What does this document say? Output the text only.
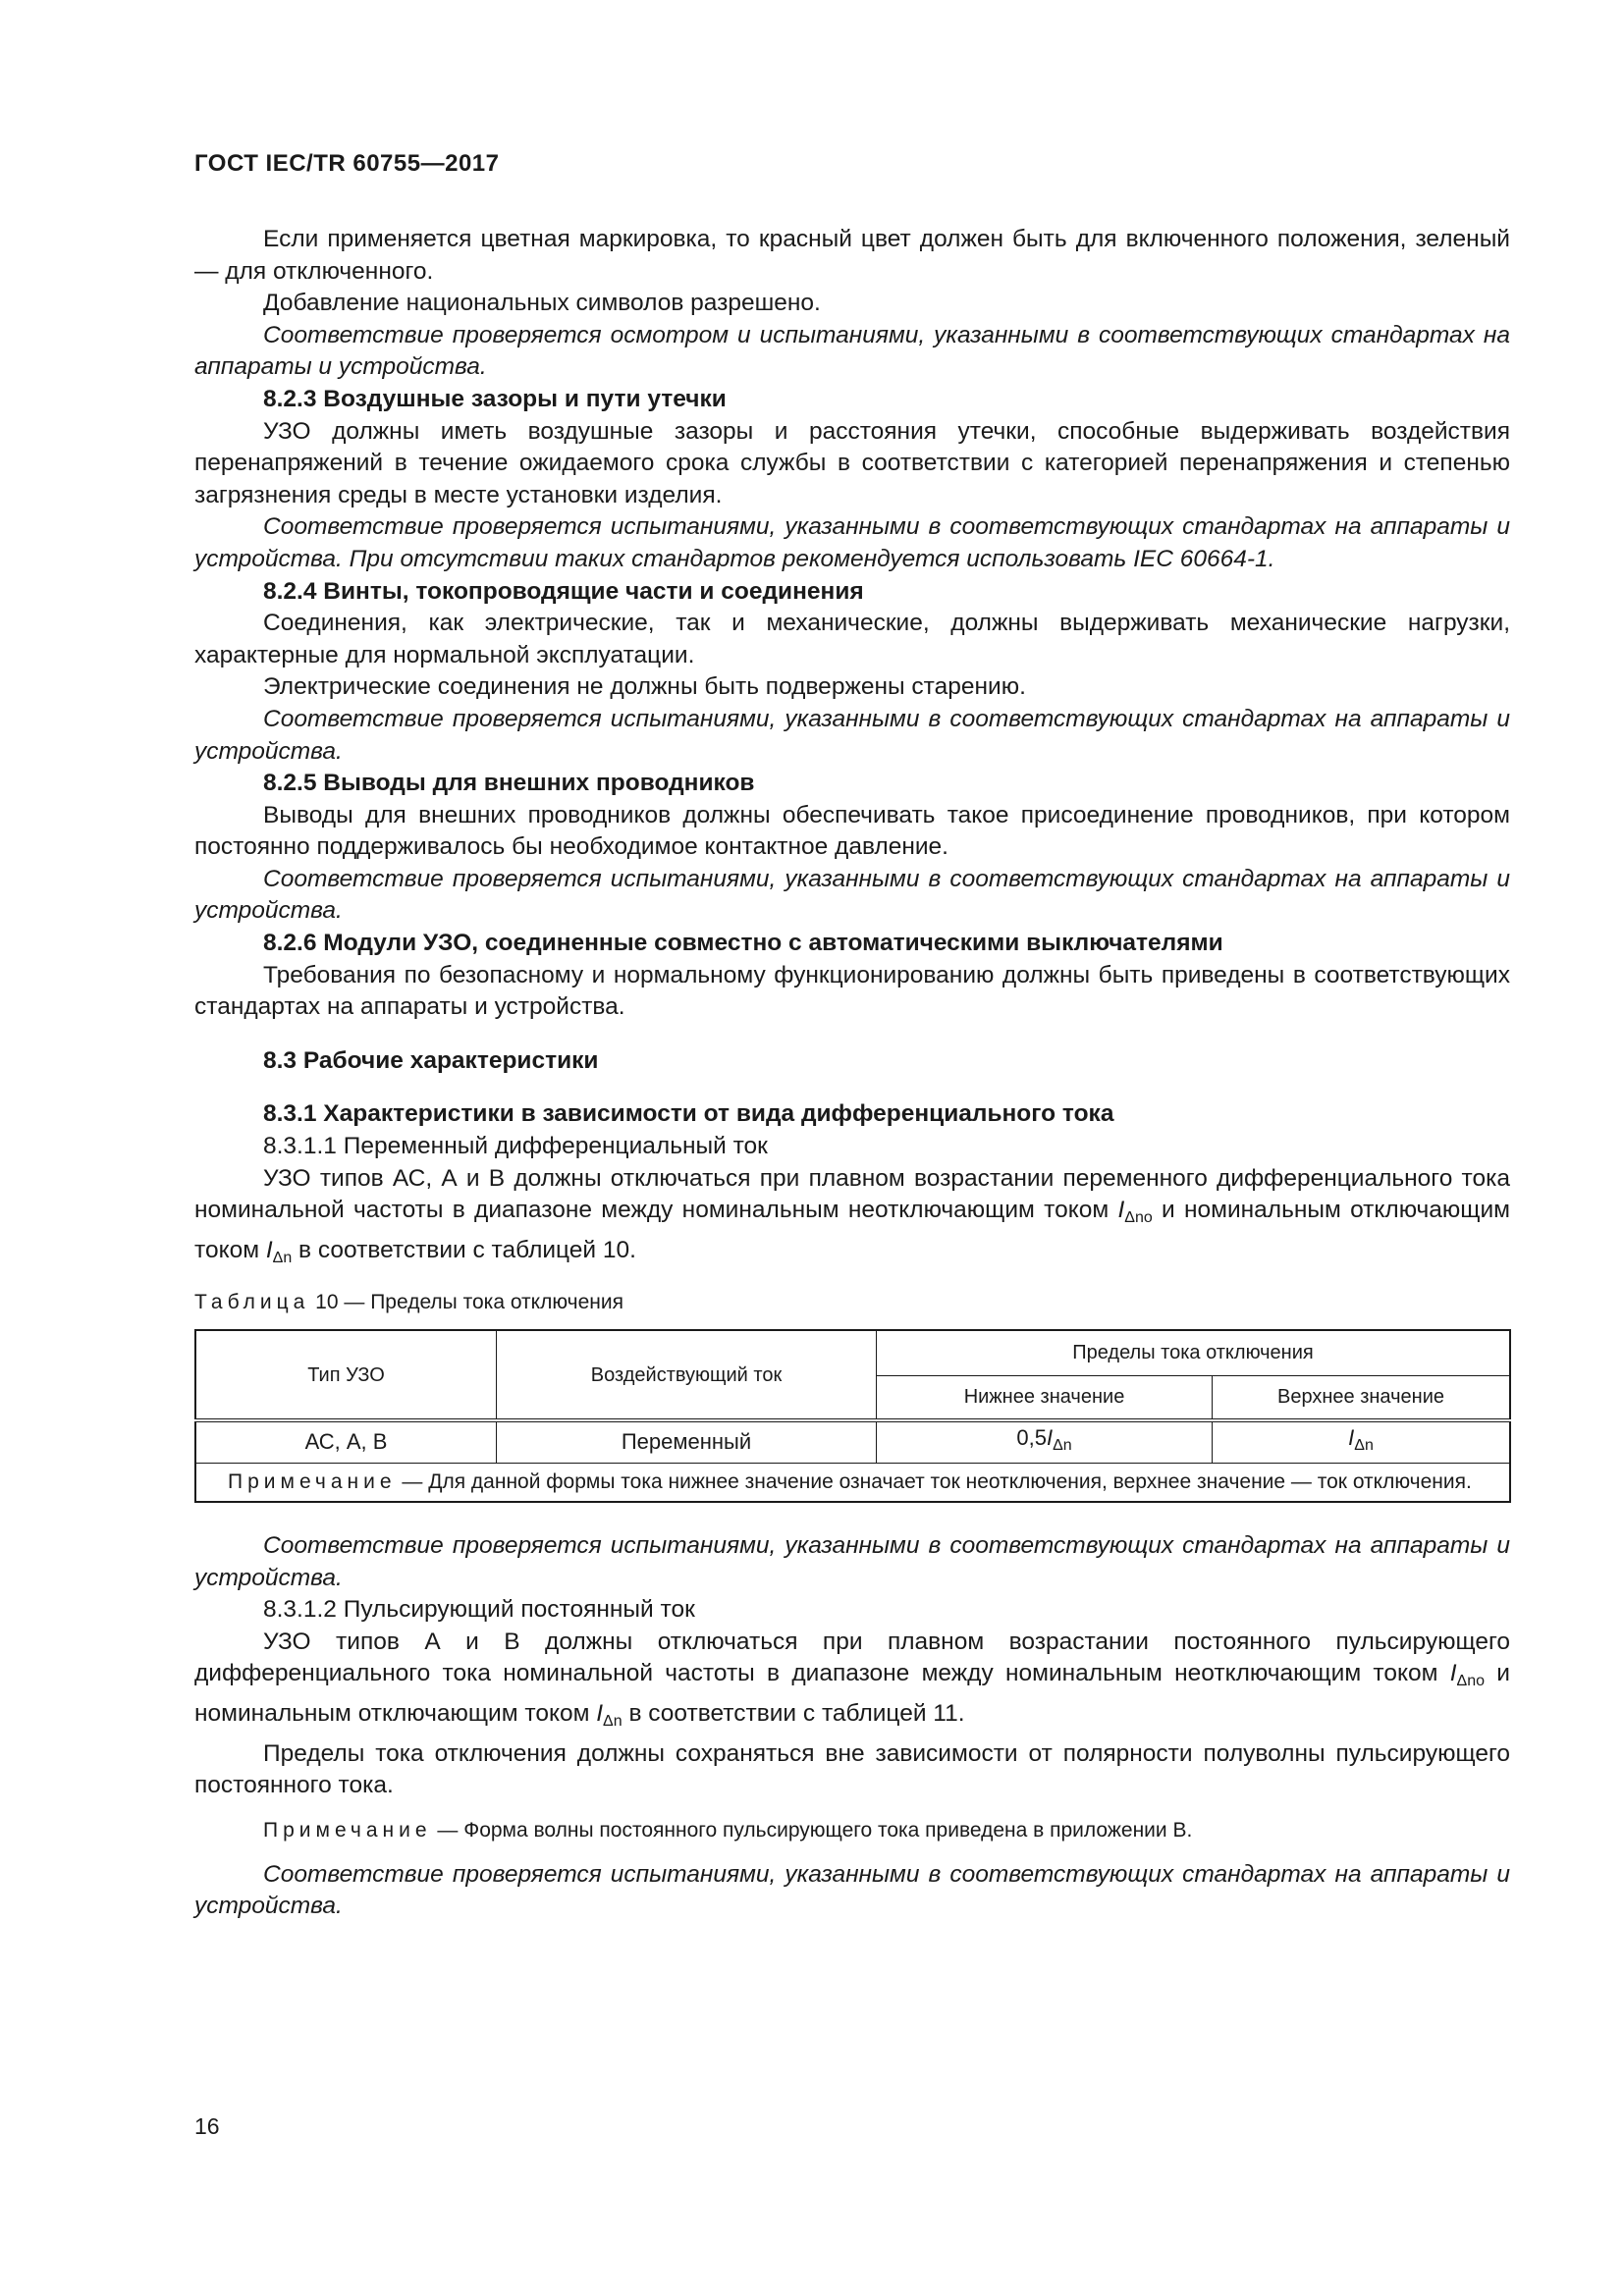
ГОСТ IEC/TR 60755—2017

Если применяется цветная маркировка, то красный цвет должен быть для включенного положения, зеленый — для отключенного.

Добавление национальных символов разрешено.

Соответствие проверяется осмотром и испытаниями, указанными в соответствующих стандартах на аппараты и устройства.

8.2.3 Воздушные зазоры и пути утечки

УЗО должны иметь воздушные зазоры и расстояния утечки, способные выдерживать воздействия перенапряжений в течение ожидаемого срока службы в соответствии с категорией перенапряжения и степенью загрязнения среды в месте установки изделия.

Соответствие проверяется испытаниями, указанными в соответствующих стандартах на аппараты и устройства. При отсутствии таких стандартов рекомендуется использовать IEC 60664-1.

8.2.4 Винты, токопроводящие части и соединения

Соединения, как электрические, так и механические, должны выдерживать механические нагрузки, характерные для нормальной эксплуатации.

Электрические соединения не должны быть подвержены старению.

Соответствие проверяется испытаниями, указанными в соответствующих стандартах на аппараты и устройства.

8.2.5 Выводы для внешних проводников

Выводы для внешних проводников должны обеспечивать такое присоединение проводников, при котором постоянно поддерживалось бы необходимое контактное давление.

Соответствие проверяется испытаниями, указанными в соответствующих стандартах на аппараты и устройства.

8.2.6 Модули УЗО, соединенные совместно с автоматическими выключателями

Требования по безопасному и нормальному функционированию должны быть приведены в соответствующих стандартах на аппараты и устройства.

8.3 Рабочие характеристики

8.3.1 Характеристики в зависимости от вида дифференциального тока

8.3.1.1 Переменный дифференциальный ток

УЗО типов АС, А и В должны отключаться при плавном возрастании переменного дифференциального тока номинальной частоты в диапазоне между номинальным неотключающим током $I_{\Delta no}$ и номинальным отключающим током $I_{\Delta n}$ в соответствии с таблицей 10.

Таблица 10 — Пределы тока отключения

Тип УЗО	Воздействующий ток	Пределы тока отключения	
		Нижнее значение	Верхнее значение
АС, А, В	Переменный	$0,5I_{\Delta n}$	$I_{\Delta n}$
Примечание — Для данной формы тока нижнее значение означает ток неотключения, верхнее значение — ток отключения.			

Соответствие проверяется испытаниями, указанными в соответствующих стандартах на аппараты и устройства.

8.3.1.2 Пульсирующий постоянный ток

УЗО типов А и В должны отключаться при плавном возрастании постоянного пульсирующего дифференциального тока номинальной частоты в диапазоне между номинальным неотключающим током $I_{\Delta no}$ и номинальным отключающим током $I_{\Delta n}$ в соответствии с таблицей 11.

Пределы тока отключения должны сохраняться вне зависимости от полярности полуволны пульсирующего постоянного тока.

Примечание — Форма волны постоянного пульсирующего тока приведена в приложении В.

Соответствие проверяется испытаниями, указанными в соответствующих стандартах на аппараты и устройства.

16
